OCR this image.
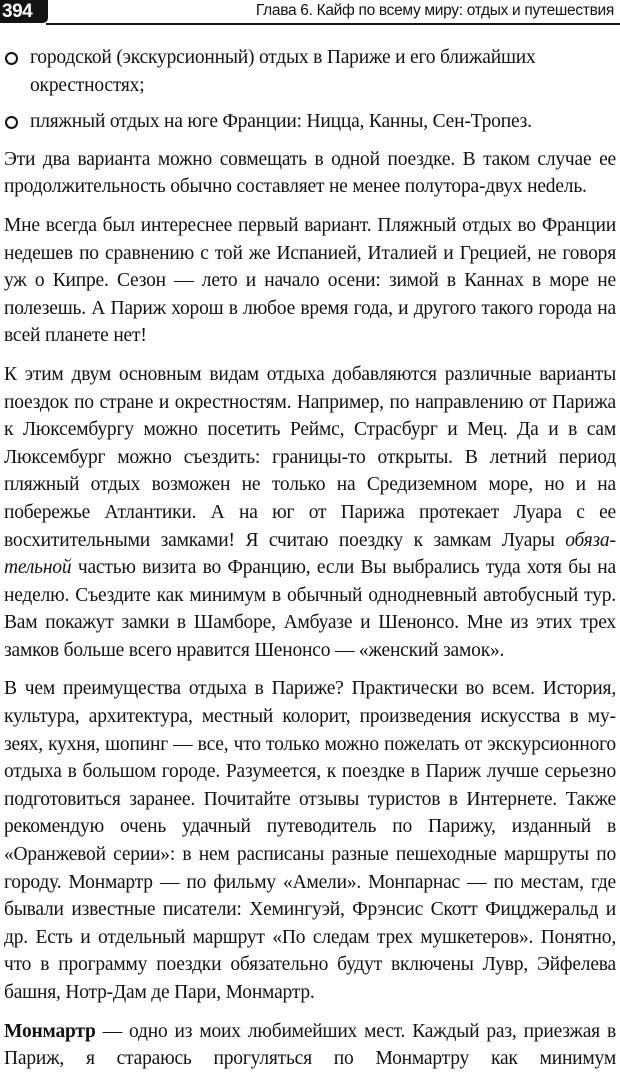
394	Глава 6. Кайф по всему миру: отдых и путешествия
городской (экскурсионный) отдых в Париже и его ближайших окрестностях;
пляжный отдых на юге Франции: Ницца, Канны, Сен-Тропез.

Эти два варианта можно совмещать в одной поездке. В таком случае ее продолжительность обычно составляет не менее полутора-двух неdель.

Мне всегда был интереснее первый вариант. Пляжный отдых во Франции недешев по сравнению с той же Испанией, Италией и Грецией, не говоря уж о Кипре. Сезон — лето и начало осени: зимой в Каннах в море не полезешь. А Париж хорош в любое время года, и другого такого города на всей планете нет!

К этим двум основным видам отдыха добавляются различные варианты поездок по стране и окрестностям. Например, по направлению от Парижа к Люксембургу можно посетить Реймс, Страсбург и Мец. Да и в сам Люксембург можно съездить: границы-то открыты. В летний период пляжный отдых возможен не только на Средиземном море, но и на побережье Атлантики. А на юг от Парижа протекает Луара с ее восхитительными замками! Я считаю поездку к замкам Луары обязательной частью визита во Францию, если Вы выбрались туда хотя бы на неделю. Съездите как минимум в обычный однодневный автобусный тур. Вам покажут замки в Шамборе, Амбуазе и Шенонсо. Мне из этих трех замков больше всего нравится Шенонсо — «женский замок».

В чем преимущества отдыха в Париже? Практически во всем. История, культура, архитектура, местный колорит, произведения искусства в музеях, кухня, шопинг — все, что только можно пожелать от экскурсионного отдыха в большом городе. Разумеется, к поездке в Париж лучше серьезно подготовиться заранее. Почитайте отзывы туристов в Интернете. Также рекомендую очень удачный путеводитель по Парижу, изданный в «Оранжевой серии»: в нем расписаны разные пешеходные маршруты по городу. Монмартр — по фильму «Амели». Монпарнас — по местам, где бывали известные писатели: Хемингуэй, Фрэнсис Скотт Фицджеральд и др. Есть и отдельный маршрут «По следам трех мушкетеров». Понятно, что в программу поездки обязательно будут включены Лувр, Эйфелева башня, Нотр-Дам де Пари, Монмартр.

Монмартр — одно из моих любимейших мест. Каждый раз, приезжая в Париж, я стараюсь прогуляться по Монмартру как минимум
